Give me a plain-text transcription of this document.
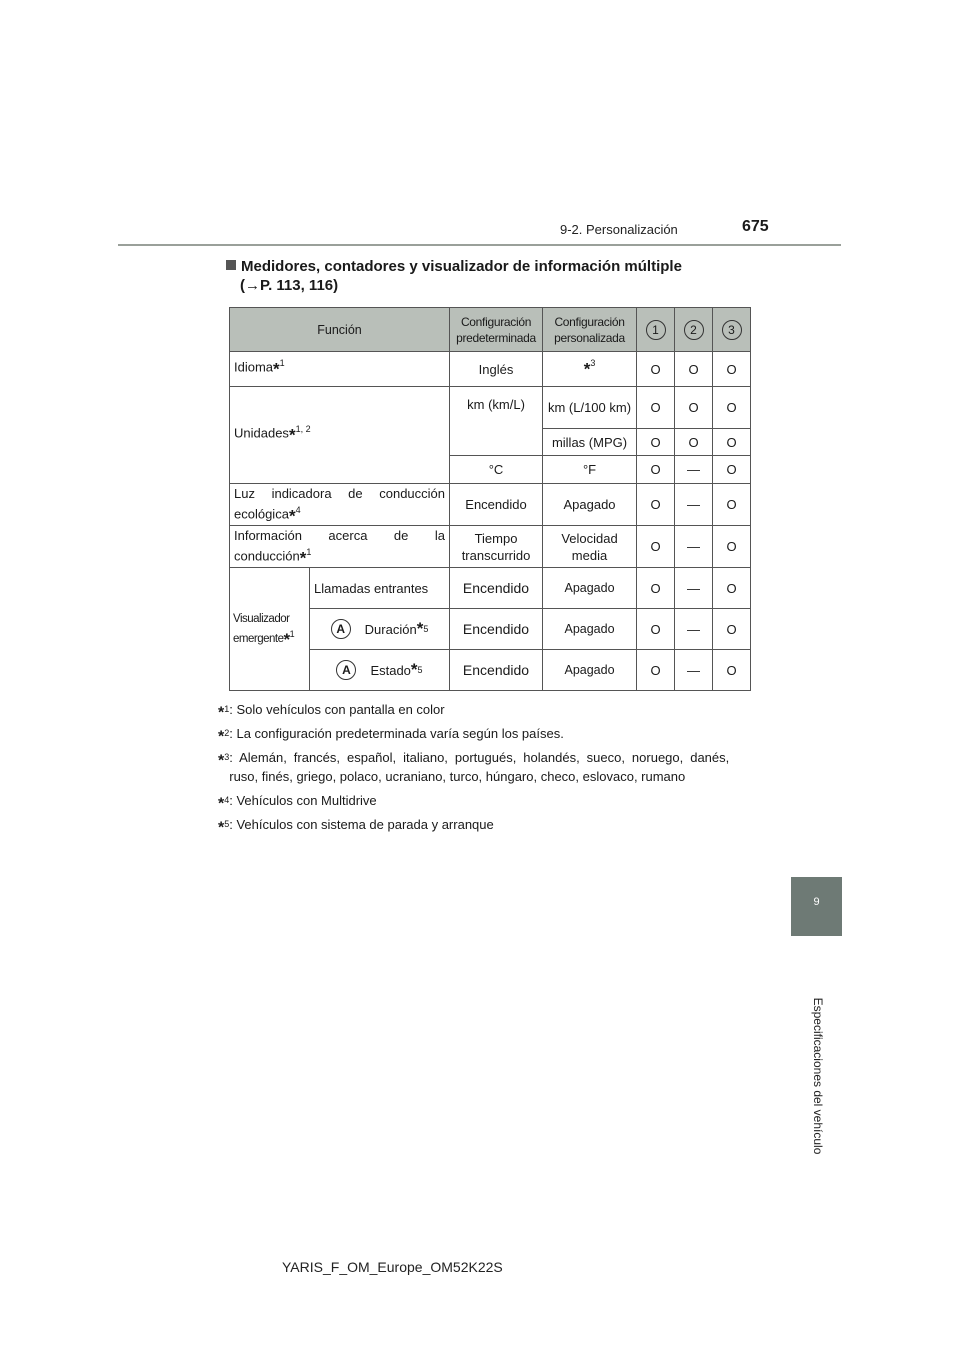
9-2. Personalización	675
Medidores, contadores y visualizador de información múltiple
(→P. 113, 116)
Función		Configuración predeterminada	Configuración personalizada	1	2	3
Idioma*$^1$		Inglés	*$^3$	O	O	O
Unidades*$^{1, 2}$		km (km/L)	km (L/100 km)	O	O	O
			millas (MPG)	O	O	O
		°C	°F	O	—	O
Luz indicadora de conducción ecológica*$^4$		Encendido	Apagado	O	—	O
Información acerca de la conducción*$^1$		Tiempo transcurrido	Velocidad media	O	—	O
Visualizador emergente*$^1$	Llamadas entrantes	Encendido	Apagado	O	—	O

	A Duración * 5	Encendido	Apagado	O	—	O

	A Estado * 5	Encendido	Apagado	O	—	O
*$^1$: Solo vehículos con pantalla en color
*$^2$: La configuración predeterminada varía según los países.
*$^3$: Alemán, francés, español, italiano, portugués, holandés, sueco, noruego, danés, ruso, finés, griego, polaco, ucraniano, turco, húngaro, checo, eslovaco, rumano
*$^4$: Vehículos con Multidrive
*$^5$: Vehículos con sistema de parada y arranque
9
Especificaciones del vehículo
YARIS_F_OM_Europe_OM52K22S
